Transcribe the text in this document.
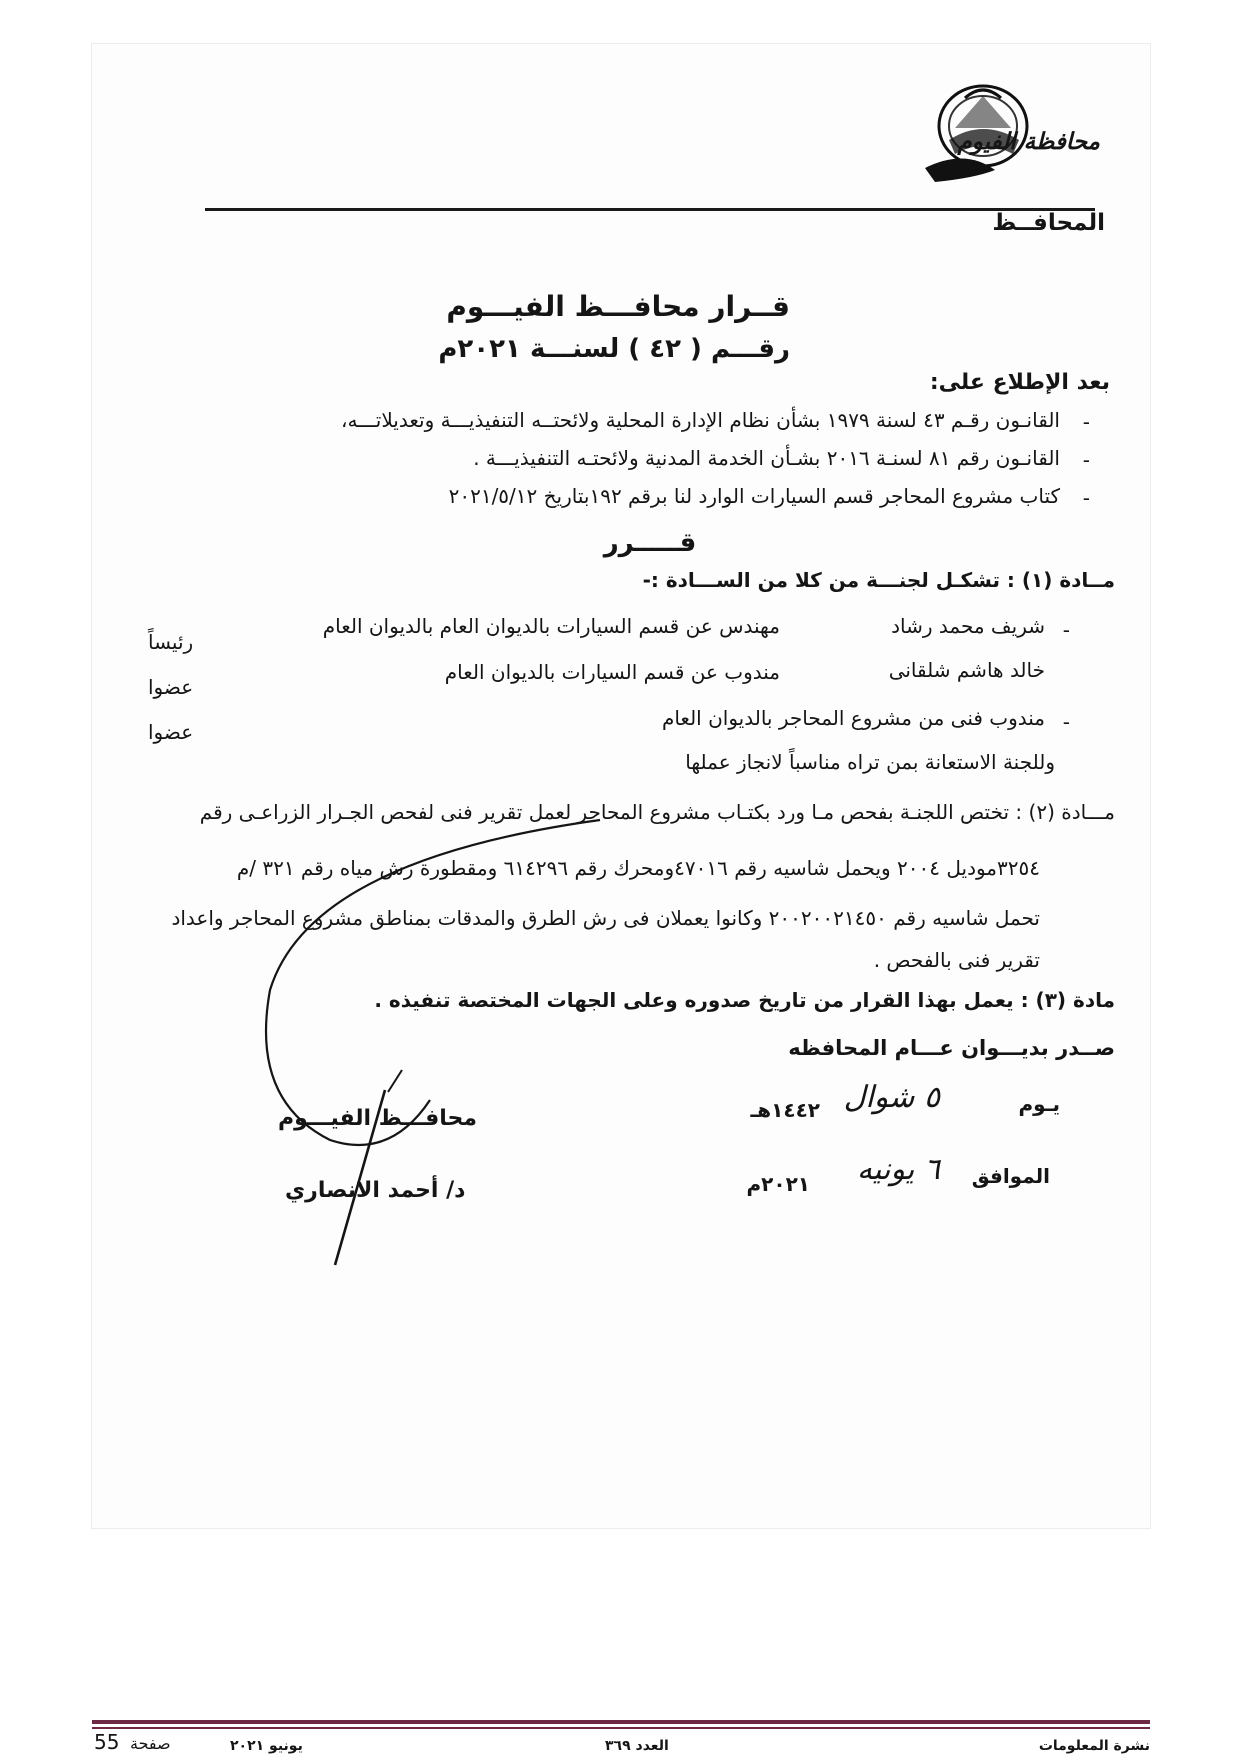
محافظة الفيوم
المحافــظ
قــرار محافـــظ الفيـــوم
رقـــم ( ٤٢ ) لسنـــة ٢٠٢١م
بعد الإطلاع على:
-
القانـون رقـم ٤٣ لسنة ١٩٧٩ بشأن نظام الإدارة المحلية ولائحتــه التنفيذيـــة وتعديلاتـــه،
-
القانـون رقم ٨١ لسنـة ٢٠١٦ بشـأن الخدمة المدنية ولائحتـه التنفيذيـــة .
-
كتاب مشروع المحاجر قسم السيارات الوارد لنا برقم ١٩٢بتاريخ ٢٠٢١/٥/١٢
قـــــرر
مــادة (١) : تشكـل لجنـــة من كلا من الســـادة :-
-
شريف محمد رشاد
مهندس عن قسم السيارات بالديوان العام بالديوان العام
رئيساً
خالد هاشم شلقانى
مندوب عن قسم السيارات بالديوان العام
عضوا
-
مندوب فنى من مشروع المحاجر بالديوان العام
عضوا
وللجنة الاستعانة بمن تراه مناسباً لانجاز عملها
مـــادة (٢) : تختص اللجنـة بفحص مـا ورد بكتـاب مشروع المحاجر لعمل تقرير فنى لفحص الجـرار الزراعـى رقم
٣٢٥٤موديل ٢٠٠٤ ويحمل شاسيه رقم ٤٧٠١٦ومحرك رقم ٦١٤٢٩٦ ومقطورة رش مياه رقم ٣٢١ /م
تحمل شاسيه رقم ٢٠٠٢٠٠٢١٤٥٠ وكانوا يعملان فى رش الطرق والمدقات بمناطق مشروع المحاجر واعداد
تقرير فنى بالفحص .
مادة (٣) : يعمل بهذا القرار من تاريخ صدوره وعلى الجهات المختصة تنفيذه .
صــدر بديـــوان عـــام المحافظه
يـوم
٥ شوال
١٤٤٢هـ
الموافق
٦ يونيه
٢٠٢١م
محافـــظ الفيـــوم
د/ أحمد الانصاري
نشرة المعلومات
العدد ٣٦٩
يونيو ٢٠٢١
صفحة
55
